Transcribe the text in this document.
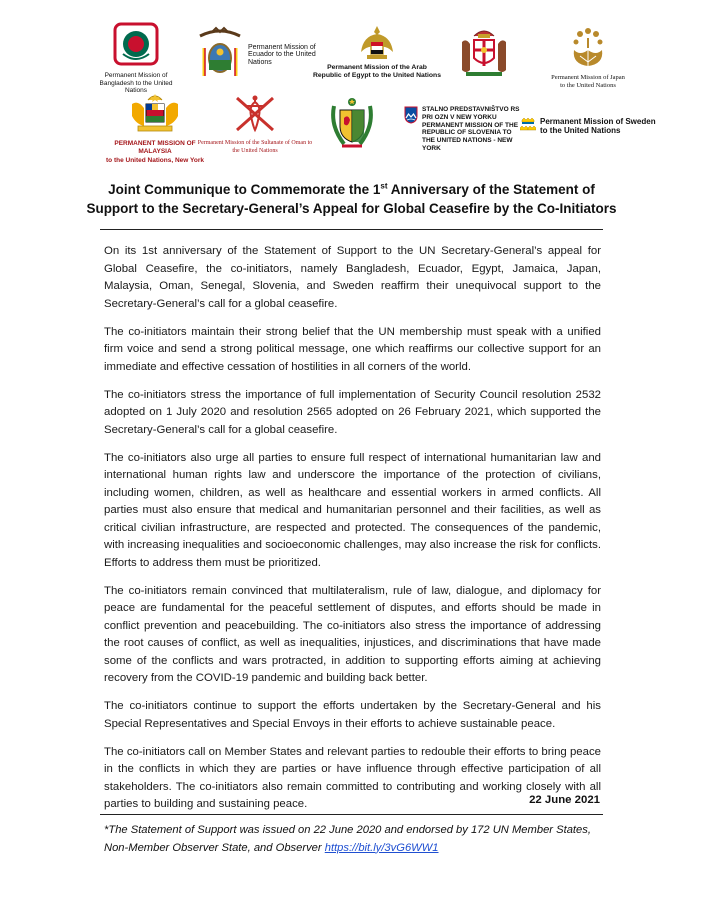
Permanent Mission of Bangladesh to the United Nations
Permanent Mission of Ecuador to the United Nations
Permanent Mission of the Arab Republic of Egypt to the United Nations	Permanent Mission of Japan to the United Nations
PERMANENT MISSION OF MALAYSIA
to the United Nations, New York
Permanent Mission of the Sultanate of Oman to the United Nations
STALNO PREDSTAVNIŠTVO RS PRI OZN V NEW YORKU PERMANENT MISSION OF THE REPUBLIC OF SLOVENIA TO THE UNITED NATIONS - NEW YORK
Permanent Mission of Sweden to the United Nations
Joint Communique to Commemorate the 1st Anniversary of the Statement of
Support to the Secretary-General’s Appeal for Global Ceasefire by the Co-Initiators

On its 1st anniversary of the Statement of Support to the UN Secretary-General’s appeal for Global Ceasefire, the co-initiators, namely Bangladesh, Ecuador, Egypt, Jamaica, Japan, Malaysia, Oman, Senegal, Slovenia, and Sweden reaffirm their unequivocal support to the Secretary-General’s call for a global ceasefire.

The co-initiators maintain their strong belief that the UN membership must speak with a unified firm voice and send a strong political message, one which reaffirms our collective support for an immediate and effective cessation of hostilities in all corners of the world.

The co-initiators stress the importance of full implementation of Security Council resolution 2532 adopted on 1 July 2020 and resolution 2565 adopted on 26 February 2021, which supported the Secretary-General’s call for a global ceasefire.

The co-initiators also urge all parties to ensure full respect of international humanitarian law and international human rights law and underscore the importance of the protection of civilians, including women, children, as well as healthcare and essential workers in armed conflicts. All parties must also ensure that medical and humanitarian personnel and their facilities, as well as critical civilian infrastructure, are respected and protected. The consequences of the pandemic, with increasing inequalities and socioeconomic challenges, may also increase the risk for conflicts. Efforts to address them must be prioritized.

The co-initiators remain convinced that multilateralism, rule of law, dialogue, and diplomacy for peace are fundamental for the peaceful settlement of disputes, and efforts should be made in conflict prevention and peacebuilding. The co-initiators also stress the importance of addressing the root causes of conflict, as well as inequalities, injustices, and discriminations that have made some of the conflicts and wars protracted, in addition to supporting efforts aiming at achieving recovery from the COVID-19 pandemic and building back better.

The co-initiators continue to support the efforts undertaken by the Secretary-General and his Special Representatives and Special Envoys in their efforts to achieve sustainable peace.

The co-initiators call on Member States and relevant parties to redouble their efforts to bring peace in the conflicts in which they are parties or have influence through effective participation of all stakeholders. The co-initiators also remain committed to contributing and working closely with all parties to building and sustaining peace.	22 June 2021
*The Statement of Support was issued on 22 June 2020 and endorsed by 172 UN Member States, Non-Member Observer State, and Observer https://bit.ly/3vG6WW1
